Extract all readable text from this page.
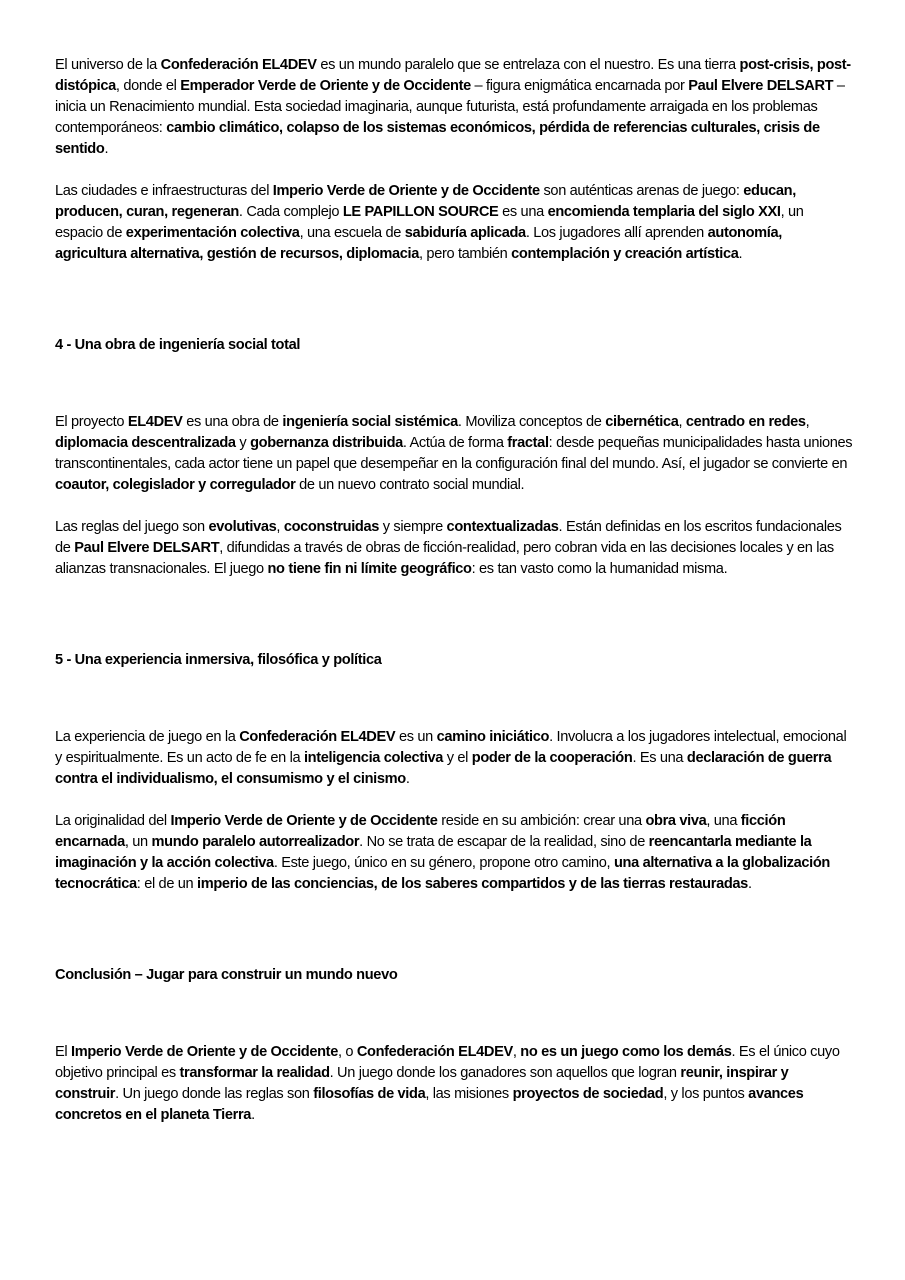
El universo de la Confederación EL4DEV es un mundo paralelo que se entrelaza con el nuestro. Es una tierra post-crisis, post-distópica, donde el Emperador Verde de Oriente y de Occidente – figura enigmática encarnada por Paul Elvere DELSART – inicia un Renacimiento mundial. Esta sociedad imaginaria, aunque futurista, está profundamente arraigada en los problemas contemporáneos: cambio climático, colapso de los sistemas económicos, pérdida de referencias culturales, crisis de sentido.

Las ciudades e infraestructuras del Imperio Verde de Oriente y de Occidente son auténticas arenas de juego: educan, producen, curan, regeneran. Cada complejo LE PAPILLON SOURCE es una encomienda templaria del siglo XXI, un espacio de experimentación colectiva, una escuela de sabiduría aplicada. Los jugadores allí aprenden autonomía, agricultura alternativa, gestión de recursos, diplomacia, pero también contemplación y creación artística.

4 - Una obra de ingeniería social total

El proyecto EL4DEV es una obra de ingeniería social sistémica. Moviliza conceptos de cibernética, centrado en redes, diplomacia descentralizada y gobernanza distribuida. Actúa de forma fractal: desde pequeñas municipalidades hasta uniones transcontinentales, cada actor tiene un papel que desempeñar en la configuración final del mundo. Así, el jugador se convierte en coautor, colegislador y corregulador de un nuevo contrato social mundial.

Las reglas del juego son evolutivas, coconstruidas y siempre contextualizadas. Están definidas en los escritos fundacionales de Paul Elvere DELSART, difundidas a través de obras de ficción-realidad, pero cobran vida en las decisiones locales y en las alianzas transnacionales. El juego no tiene fin ni límite geográfico: es tan vasto como la humanidad misma.

5 - Una experiencia inmersiva, filosófica y política

La experiencia de juego en la Confederación EL4DEV es un camino iniciático. Involucra a los jugadores intelectual, emocional y espiritualmente. Es un acto de fe en la inteligencia colectiva y el poder de la cooperación. Es una declaración de guerra contra el individualismo, el consumismo y el cinismo.

La originalidad del Imperio Verde de Oriente y de Occidente reside en su ambición: crear una obra viva, una ficción encarnada, un mundo paralelo autorrealizador. No se trata de escapar de la realidad, sino de reencantarla mediante la imaginación y la acción colectiva. Este juego, único en su género, propone otro camino, una alternativa a la globalización tecnocrática: el de un imperio de las conciencias, de los saberes compartidos y de las tierras restauradas.

Conclusión – Jugar para construir un mundo nuevo

El Imperio Verde de Oriente y de Occidente, o Confederación EL4DEV, no es un juego como los demás. Es el único cuyo objetivo principal es transformar la realidad. Un juego donde los ganadores son aquellos que logran reunir, inspirar y construir. Un juego donde las reglas son filosofías de vida, las misiones proyectos de sociedad, y los puntos avances concretos en el planeta Tierra.
